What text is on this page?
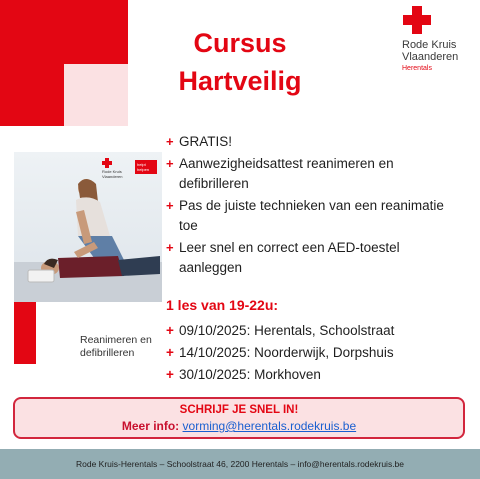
Cursus
Hartveilig
Rode Kruis
Vlaanderen
Herentals
Rode Kruis
Vlaanderen
helpt
helpen
Reanimeren en
defibrilleren
+ GRATIS!
+ Aanwezigheidsattest reanimeren en defibrilleren
+ Pas de juiste technieken van een reanimatie toe
+ Leer snel en correct een AED-toestel aanleggen
1 les van 19-22u:
+ 09/10/2025: Herentals, Schoolstraat
+ 14/10/2025: Noorderwijk, Dorpshuis
+ 30/10/2025: Morkhoven
SCHRIJF JE SNEL IN!
Meer info: vorming@herentals.rodekruis.be
Rode Kruis-Herentals – Schoolstraat 46, 2200 Herentals – info@herentals.rodekruis.be
